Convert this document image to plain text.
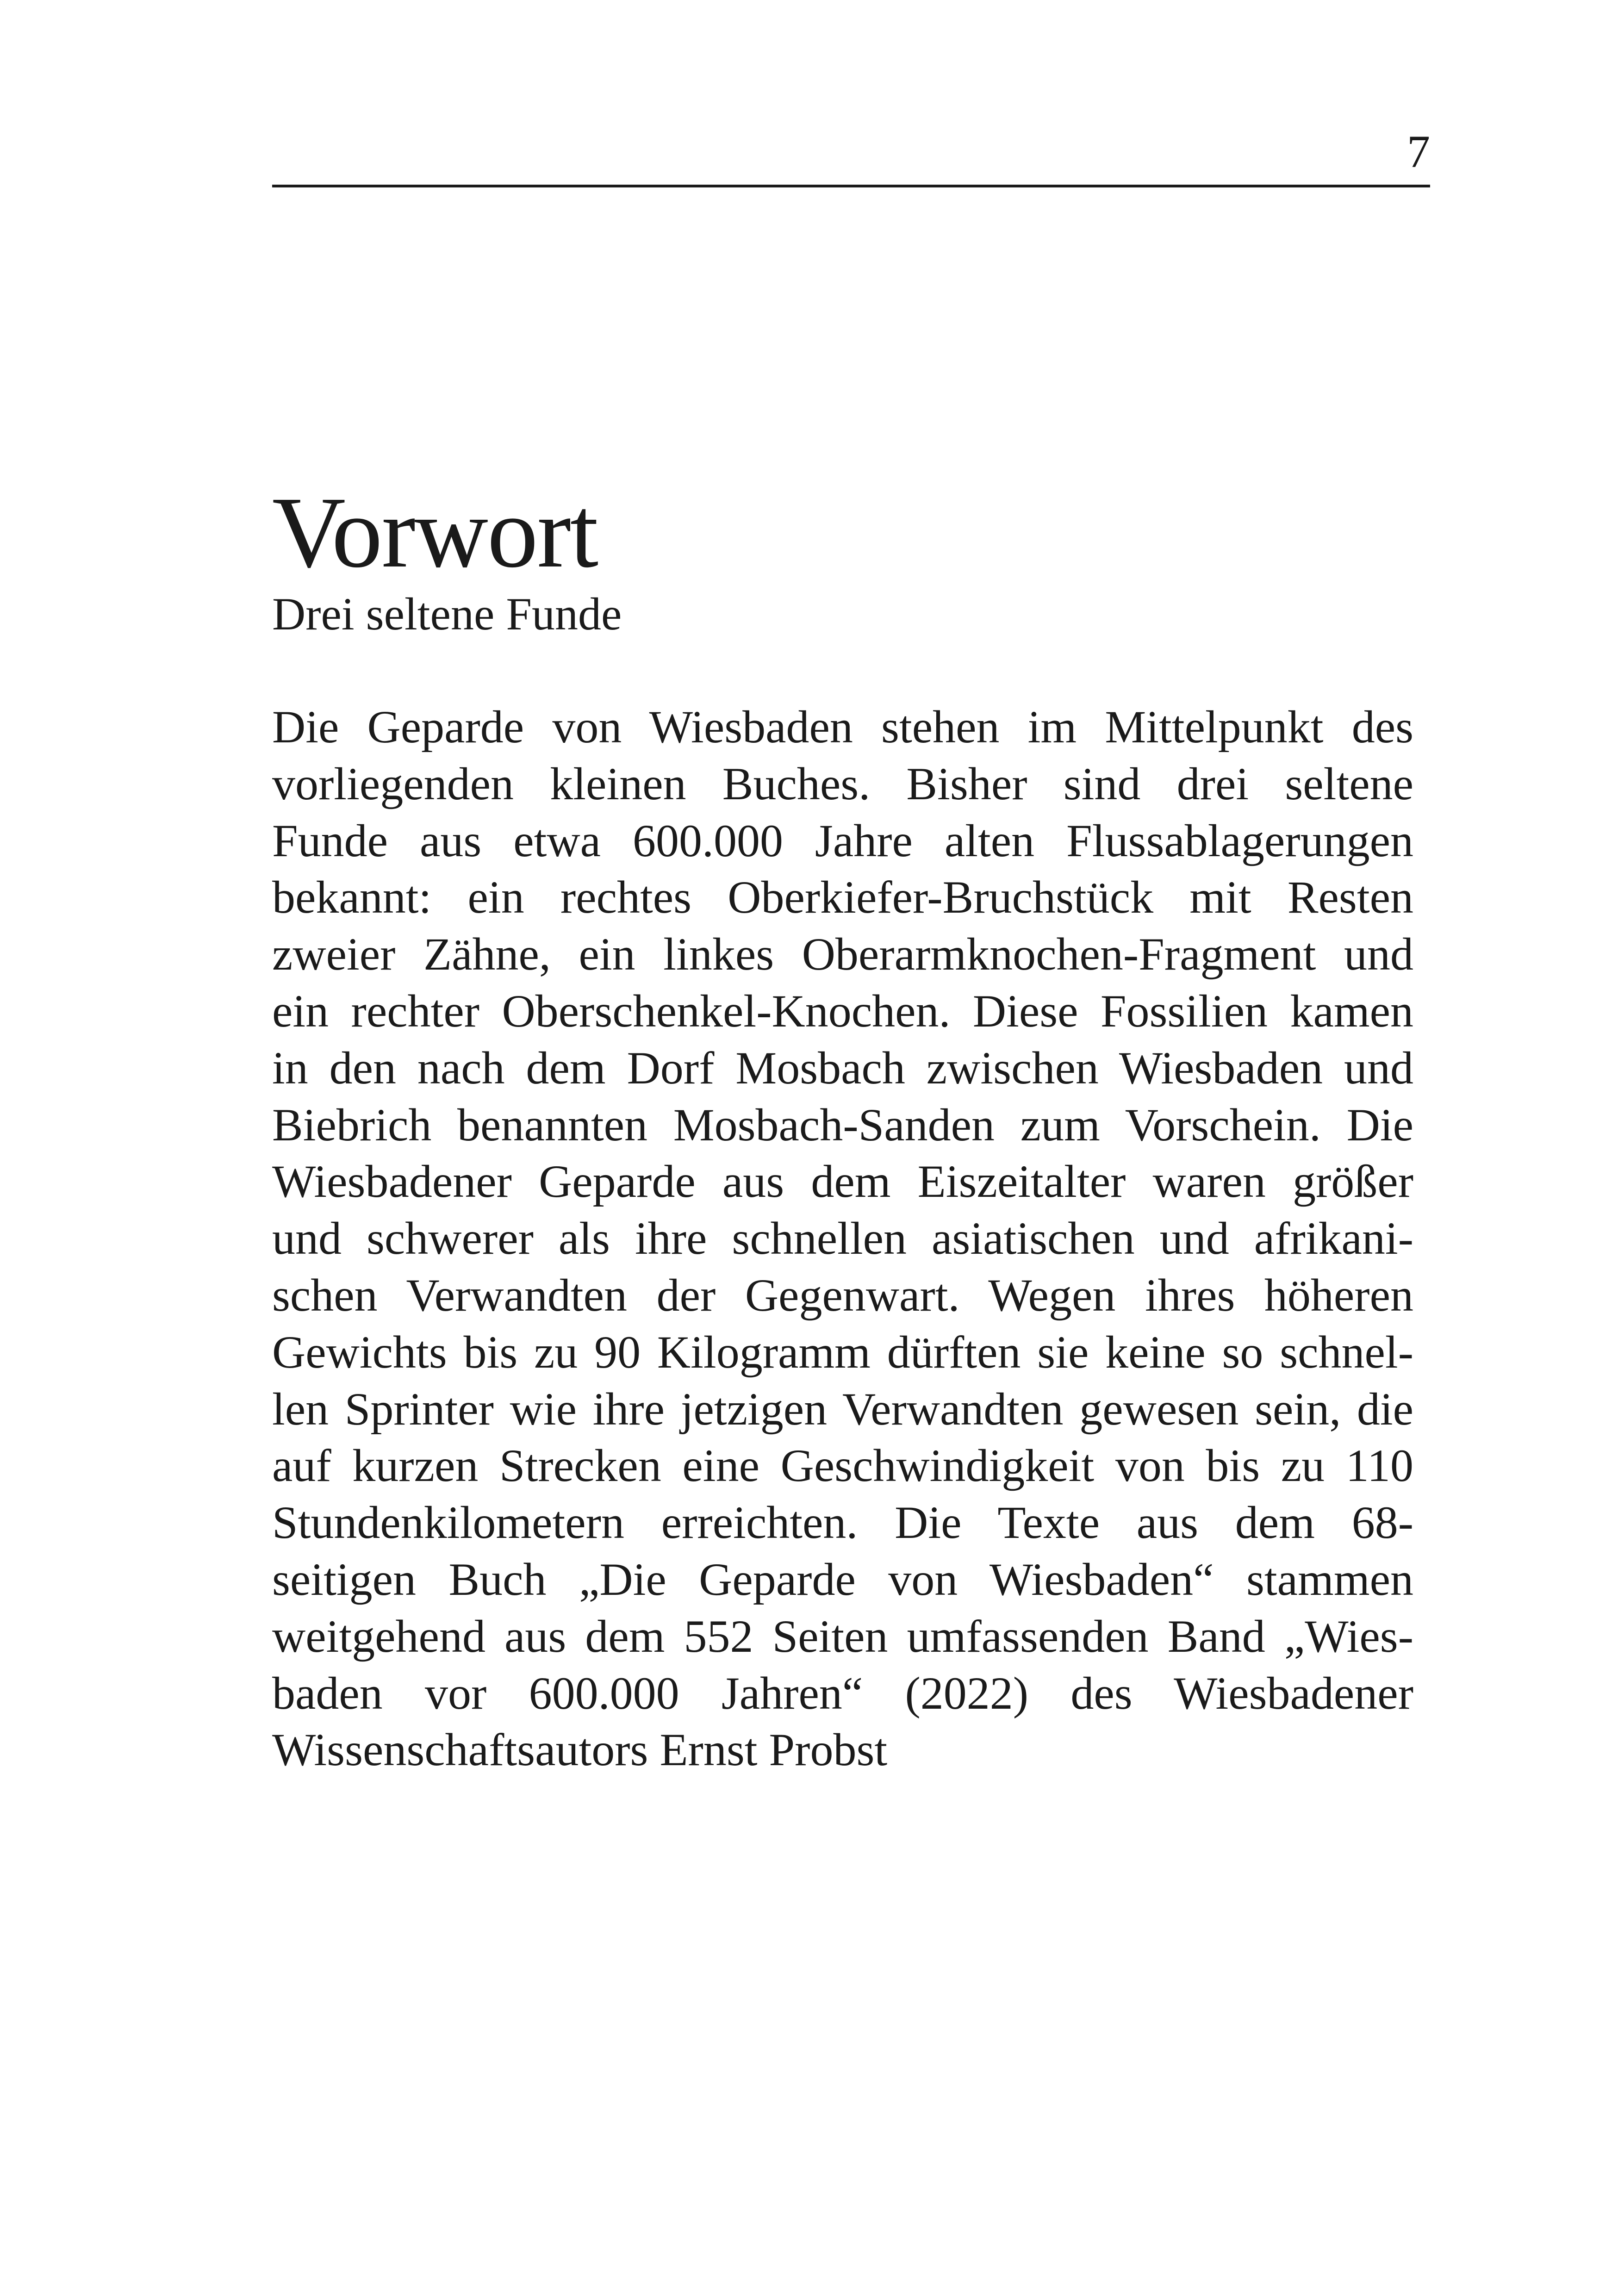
7
Vorwort

Drei seltene Funde

Die Geparde von Wiesbaden stehen im Mittelpunkt des
vorliegenden kleinen Buches. Bisher sind drei seltene
Funde aus etwa 600.000 Jahre alten Flussablagerungen
bekannt: ein rechtes Oberkiefer-Bruchstück mit Resten
zweier Zähne, ein linkes Oberarmknochen-Fragment und
ein rechter Oberschenkel-Knochen. Diese Fossilien kamen
in den nach dem Dorf Mosbach zwischen Wiesbaden und
Biebrich benannten Mosbach-Sanden zum Vorschein. Die
Wiesbadener Geparde aus dem Eiszeitalter waren größer
und schwerer als ihre schnellen asiatischen und afrikani-
schen Verwandten der Gegenwart. Wegen ihres höheren
Gewichts bis zu 90 Kilogramm dürften sie keine so schnel-
len Sprinter wie ihre jetzigen Verwandten gewesen sein, die
auf kurzen Strecken eine Geschwindigkeit von bis zu 110
Stundenkilometern erreichten. Die Texte aus dem 68-
seitigen Buch „Die Geparde von Wiesbaden“ stammen
weitgehend aus dem 552 Seiten umfassenden Band „Wies-
baden vor 600.000 Jahren“ (2022) des Wiesbadener
Wissenschaftsautors Ernst Probst
